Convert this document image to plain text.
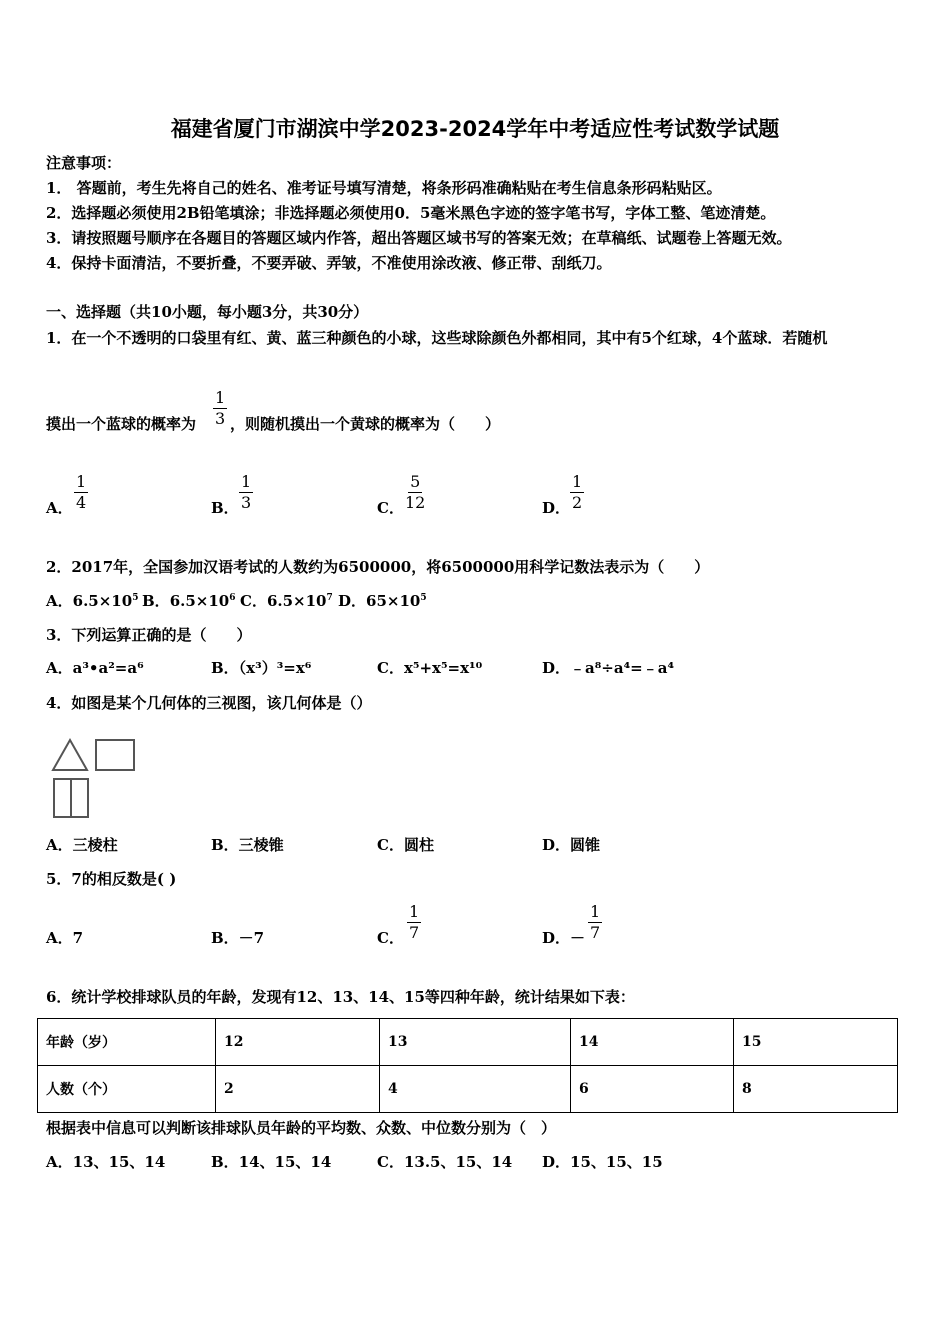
福建省厦门市湖滨中学2023-2024学年中考适应性考试数学试题
注意事项：
1． 答题前，考生先将自己的姓名、准考证号填写清楚，将条形码准确粘贴在考生信息条形码粘贴区。
2．选择题必须使用2B铅笔填涂；非选择题必须使用0．5毫米黑色字迹的签字笔书写，字体工整、笔迹清楚。
3．请按照题号顺序在各题目的答题区域内作答，超出答题区域书写的答案无效；在草稿纸、试题卷上答题无效。
4．保持卡面清洁，不要折叠，不要弄破、弄皱，不准使用涂改液、修正带、刮纸刀。
一、选择题（共10小题，每小题3分，共30分）
1．在一个不透明的口袋里有红、黄、蓝三种颜色的小球，这些球除颜色外都相同，其中有5个红球，4个蓝球．若随机
摸出一个蓝球的概率为 $\frac{1}{3}$ ，则随机摸出一个黄球的概率为（　　）
A． $\frac{1}{4}$	B． $\frac{1}{3}$	C． $\frac{5}{12}$	D． $\frac{1}{2}$
2．2017年，全国参加汉语考试的人数约为6500000，将6500000用科学记数法表示为（　　）
A．$6.5\times 10^5$ B．$6.5\times 10^6$ C．$6.5\times 10^7$ D．$65\times 10^5$
3．下列运算正确的是（　　）
A．a³•a²=a⁶	B．（x³）³=x⁶	C．x⁵+x⁵=x¹⁰	D．﹣a⁸÷a⁴=﹣a⁴
4．如图是某个几何体的三视图，该几何体是（）
A．三棱柱	B．三棱锥	C．圆柱	D．圆锥
5．7的相反数是( )
A．7	B．－7	C． $\frac{1}{7}$	D．－ $\frac{1}{7}$
6．统计学校排球队员的年龄，发现有12、13、14、15等四种年龄，统计结果如下表：
年龄（岁）	12	13	14	15
人数（个）	2	4	6	8
根据表中信息可以判断该排球队员年龄的平均数、众数、中位数分别为（　）
A．13、15、14	B．14、15、14	C．13.5、15、14 D．15、15、15
